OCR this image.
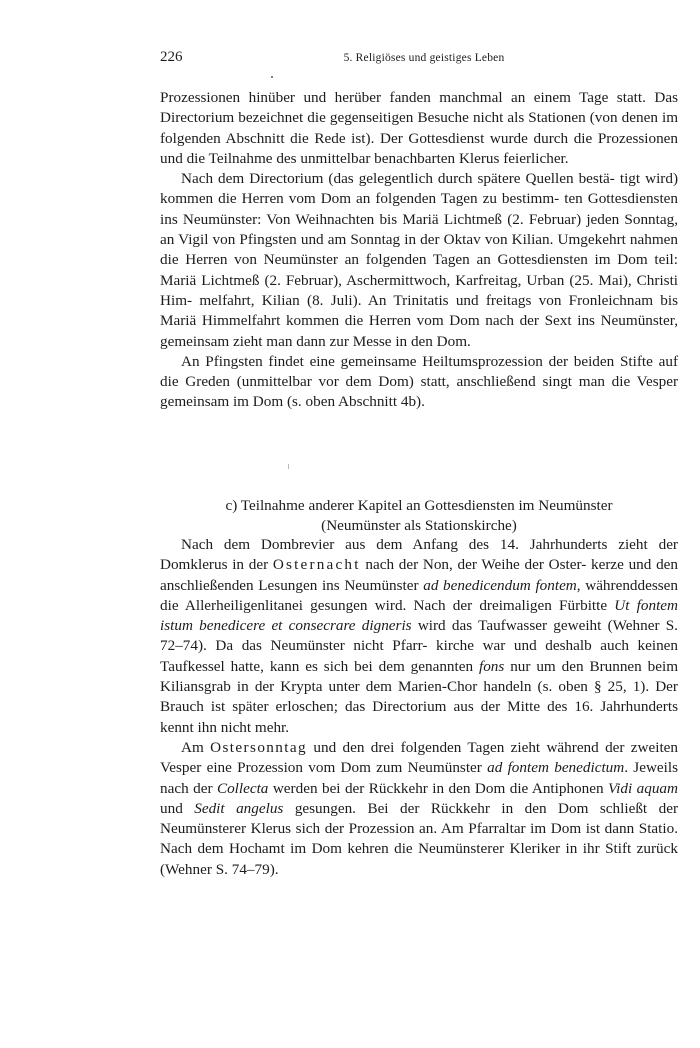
226	5. Religiöses und geistiges Leben

Prozessionen hinüber und herüber fanden manchmal an einem Tage statt. Das Directorium bezeichnet die gegenseitigen Besuche nicht als Stationen (von denen im folgenden Abschnitt die Rede ist). Der Gottesdienst wurde durch die Prozessionen und die Teilnahme des unmittelbar benachbarten Klerus feierlicher.

Nach dem Directorium (das gelegentlich durch spätere Quellen bestä- tigt wird) kommen die Herren vom Dom an folgenden Tagen zu bestimm- ten Gottesdiensten ins Neumünster: Von Weihnachten bis Mariä Lichtmeß (2. Februar) jeden Sonntag, an Vigil von Pfingsten und am Sonntag in der Oktav von Kilian. Umgekehrt nahmen die Herren von Neumünster an folgenden Tagen an Gottesdiensten im Dom teil: Mariä Lichtmeß (2. Februar), Aschermittwoch, Karfreitag, Urban (25. Mai), Christi Him- melfahrt, Kilian (8. Juli). An Trinitatis und freitags von Fronleichnam bis Mariä Himmelfahrt kommen die Herren vom Dom nach der Sext ins Neumünster, gemeinsam zieht man dann zur Messe in den Dom.

An Pfingsten findet eine gemeinsame Heiltumsprozession der beiden Stifte auf die Greden (unmittelbar vor dem Dom) statt, anschließend singt man die Vesper gemeinsam im Dom (s. oben Abschnitt 4b).

c) Teilnahme anderer Kapitel an Gottesdiensten im Neumünster
(Neumünster als Stationskirche)

Nach dem Dombrevier aus dem Anfang des 14. Jahrhunderts zieht der Domklerus in der Osternacht nach der Non, der Weihe der Oster- kerze und den anschließenden Lesungen ins Neumünster ad benedicendum fontem, währenddessen die Allerheiligenlitanei gesungen wird. Nach der dreimaligen Fürbitte Ut fontem istum benedicere et consecrare digneris wird das Taufwasser geweiht (Wehner S. 72–74). Da das Neumünster nicht Pfarr- kirche war und deshalb auch keinen Taufkessel hatte, kann es sich bei dem genannten fons nur um den Brunnen beim Kiliansgrab in der Krypta unter dem Marien-Chor handeln (s. oben § 25, 1). Der Brauch ist später erloschen; das Directorium aus der Mitte des 16. Jahrhunderts kennt ihn nicht mehr.

Am Ostersonntag und den drei folgenden Tagen zieht während der zweiten Vesper eine Prozession vom Dom zum Neumünster ad fontem benedictum. Jeweils nach der Collecta werden bei der Rückkehr in den Dom die Antiphonen Vidi aquam und Sedit angelus gesungen. Bei der Rückkehr in den Dom schließt der Neumünsterer Klerus sich der Prozession an. Am Pfarraltar im Dom ist dann Statio. Nach dem Hochamt im Dom kehren die Neumünsterer Kleriker in ihr Stift zurück (Wehner S. 74–79).
